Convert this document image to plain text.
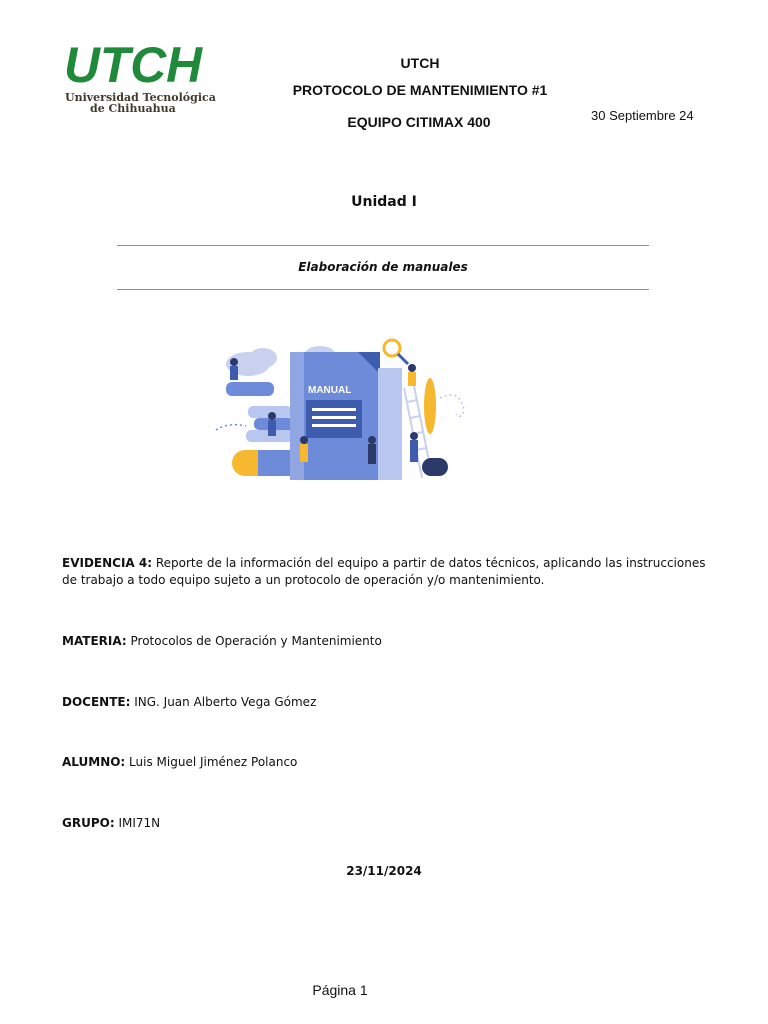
UTCH
Universidad Tecnológica
de Chihuahua
UTCH
PROTOCOLO DE MANTENIMIENTO #1
EQUIPO CITIMAX 400	30 Septiembre 24
Unidad I
Elaboración de manuales
MANUAL
EVIDENCIA 4: Reporte de la información del equipo a partir de datos técnicos, aplicando las instrucciones de trabajo a todo equipo sujeto a un protocolo de operación y/o mantenimiento.
MATERIA: Protocolos de Operación y Mantenimiento
DOCENTE: ING. Juan Alberto Vega Gómez
ALUMNO: Luis Miguel Jiménez Polanco
GRUPO: IMI71N
23/11/2024
Página 1
